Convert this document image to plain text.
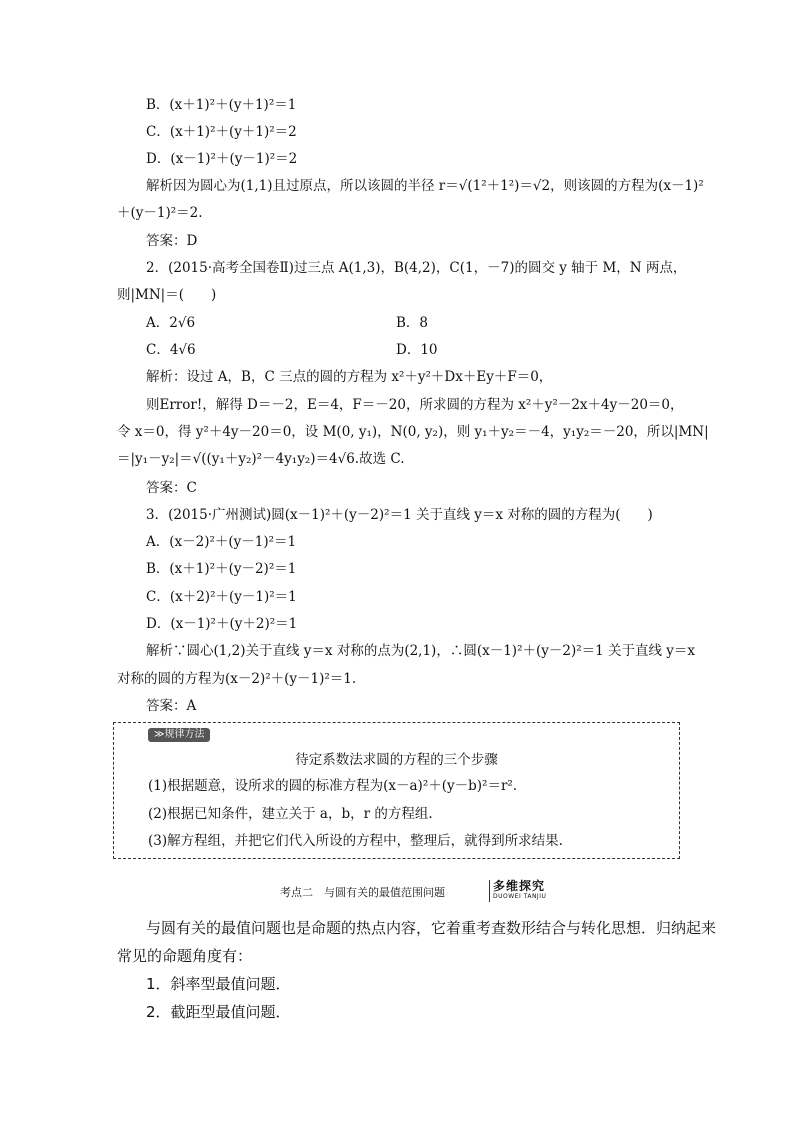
B．(x＋1)²＋(y＋1)²＝1
C．(x＋1)²＋(y＋1)²＝2
D．(x－1)²＋(y－1)²＝2
解析因为圆心为(1,1)且过原点，所以该圆的半径 r＝√(1²＋1²)＝√2，则该圆的方程为(x－1)²
＋(y－1)²＝2.
答案：D
2．(2015·高考全国卷Ⅱ)过三点 A(1,3)，B(4,2)，C(1，－7)的圆交 y 轴于 M，N 两点，
则|MN|＝(　　)
A．2√6	B．8
C．4√6	D．10
解析：设过 A，B，C 三点的圆的方程为 x²＋y²＋Dx＋Ey＋F＝0，
则Error!，解得 D＝－2，E＝4，F＝－20，所求圆的方程为 x²＋y²－2x＋4y－20＝0，
令 x＝0，得 y²＋4y－20＝0，设 M(0, y₁)，N(0, y₂)，则 y₁＋y₂＝－4，y₁y₂＝－20，所以|MN|
＝|y₁－y₂|＝√((y₁＋y₂)²－4y₁y₂)＝4√6.故选 C.
答案：C
3．(2015·广州测试)圆(x－1)²＋(y－2)²＝1 关于直线 y＝x 对称的圆的方程为(　　)
A．(x－2)²＋(y－1)²＝1
B．(x＋1)²＋(y－2)²＝1
C．(x＋2)²＋(y－1)²＝1
D．(x－1)²＋(y＋2)²＝1
解析∵圆心(1,2)关于直线 y＝x 对称的点为(2,1)，∴圆(x－1)²＋(y－2)²＝1 关于直线 y＝x
对称的圆的方程为(x－2)²＋(y－1)²＝1.
答案：A
≫规律方法
待定系数法求圆的方程的三个步骤
(1)根据题意，设所求的圆的标准方程为(x－a)²＋(y－b)²＝r².
(2)根据已知条件，建立关于 a，b，r 的方程组.
(3)解方程组，并把它们代入所设的方程中，整理后，就得到所求结果.
考点二　与圆有关的最值范围问题	多维探究
DUOWEI TANJIU
与圆有关的最值问题也是命题的热点内容，它着重考查数形结合与转化思想．归纳起来
常见的命题角度有：
1．斜率型最值问题．
2．截距型最值问题．
